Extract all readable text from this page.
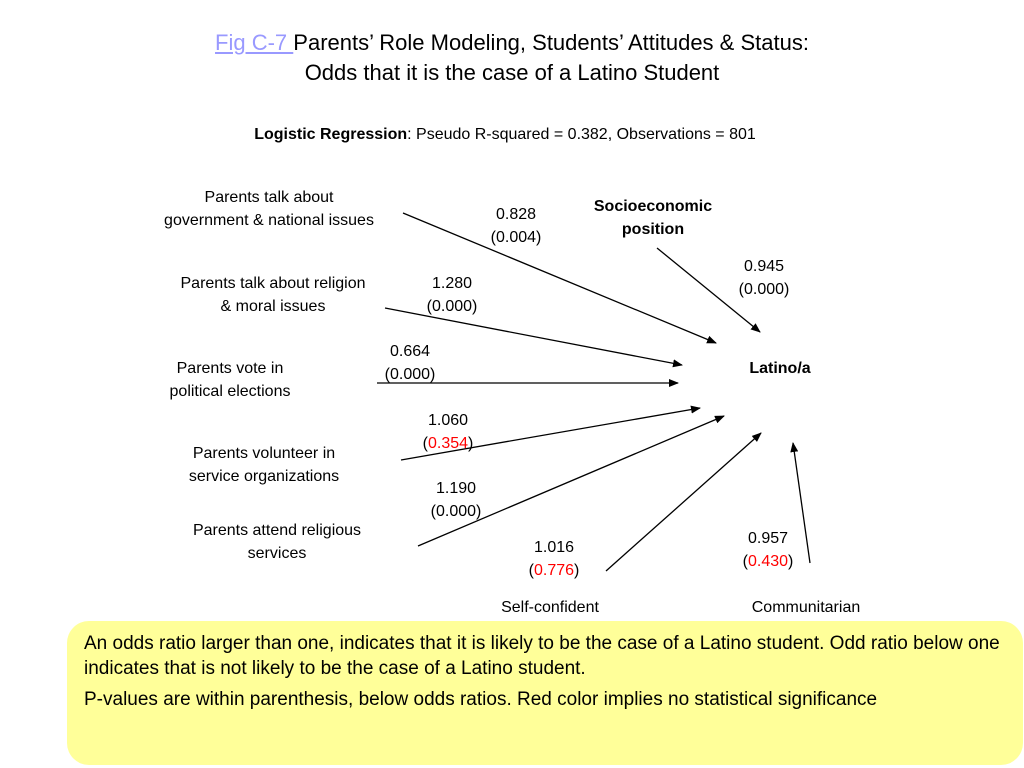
Fig C-7 Parents’ Role Modeling, Students’ Attitudes & Status:
Odds that it is the case of a Latino Student
Logistic Regression: Pseudo R-squared = 0.382, Observations = 801
Parents talk about
government & national issues
Parents talk about religion
& moral issues
Parents vote in
political elections
Parents volunteer in
service organizations
Parents attend religious
services
Self-confident	Communitarian
Socioeconomic
position
Latino/a
0.828
(0.004)
1.280
(0.000)
0.664
(0.000)
1.060
(0.354)
1.190
(0.000)
1.016
(0.776)
0.957
(0.430)
0.945
(0.000)

An odds ratio larger than one, indicates that it is likely to be the case of a Latino student. Odd ratio below one indicates that is not likely to be the case of a Latino student.

P-values are within parenthesis, below odds ratios. Red color implies no statistical significance
